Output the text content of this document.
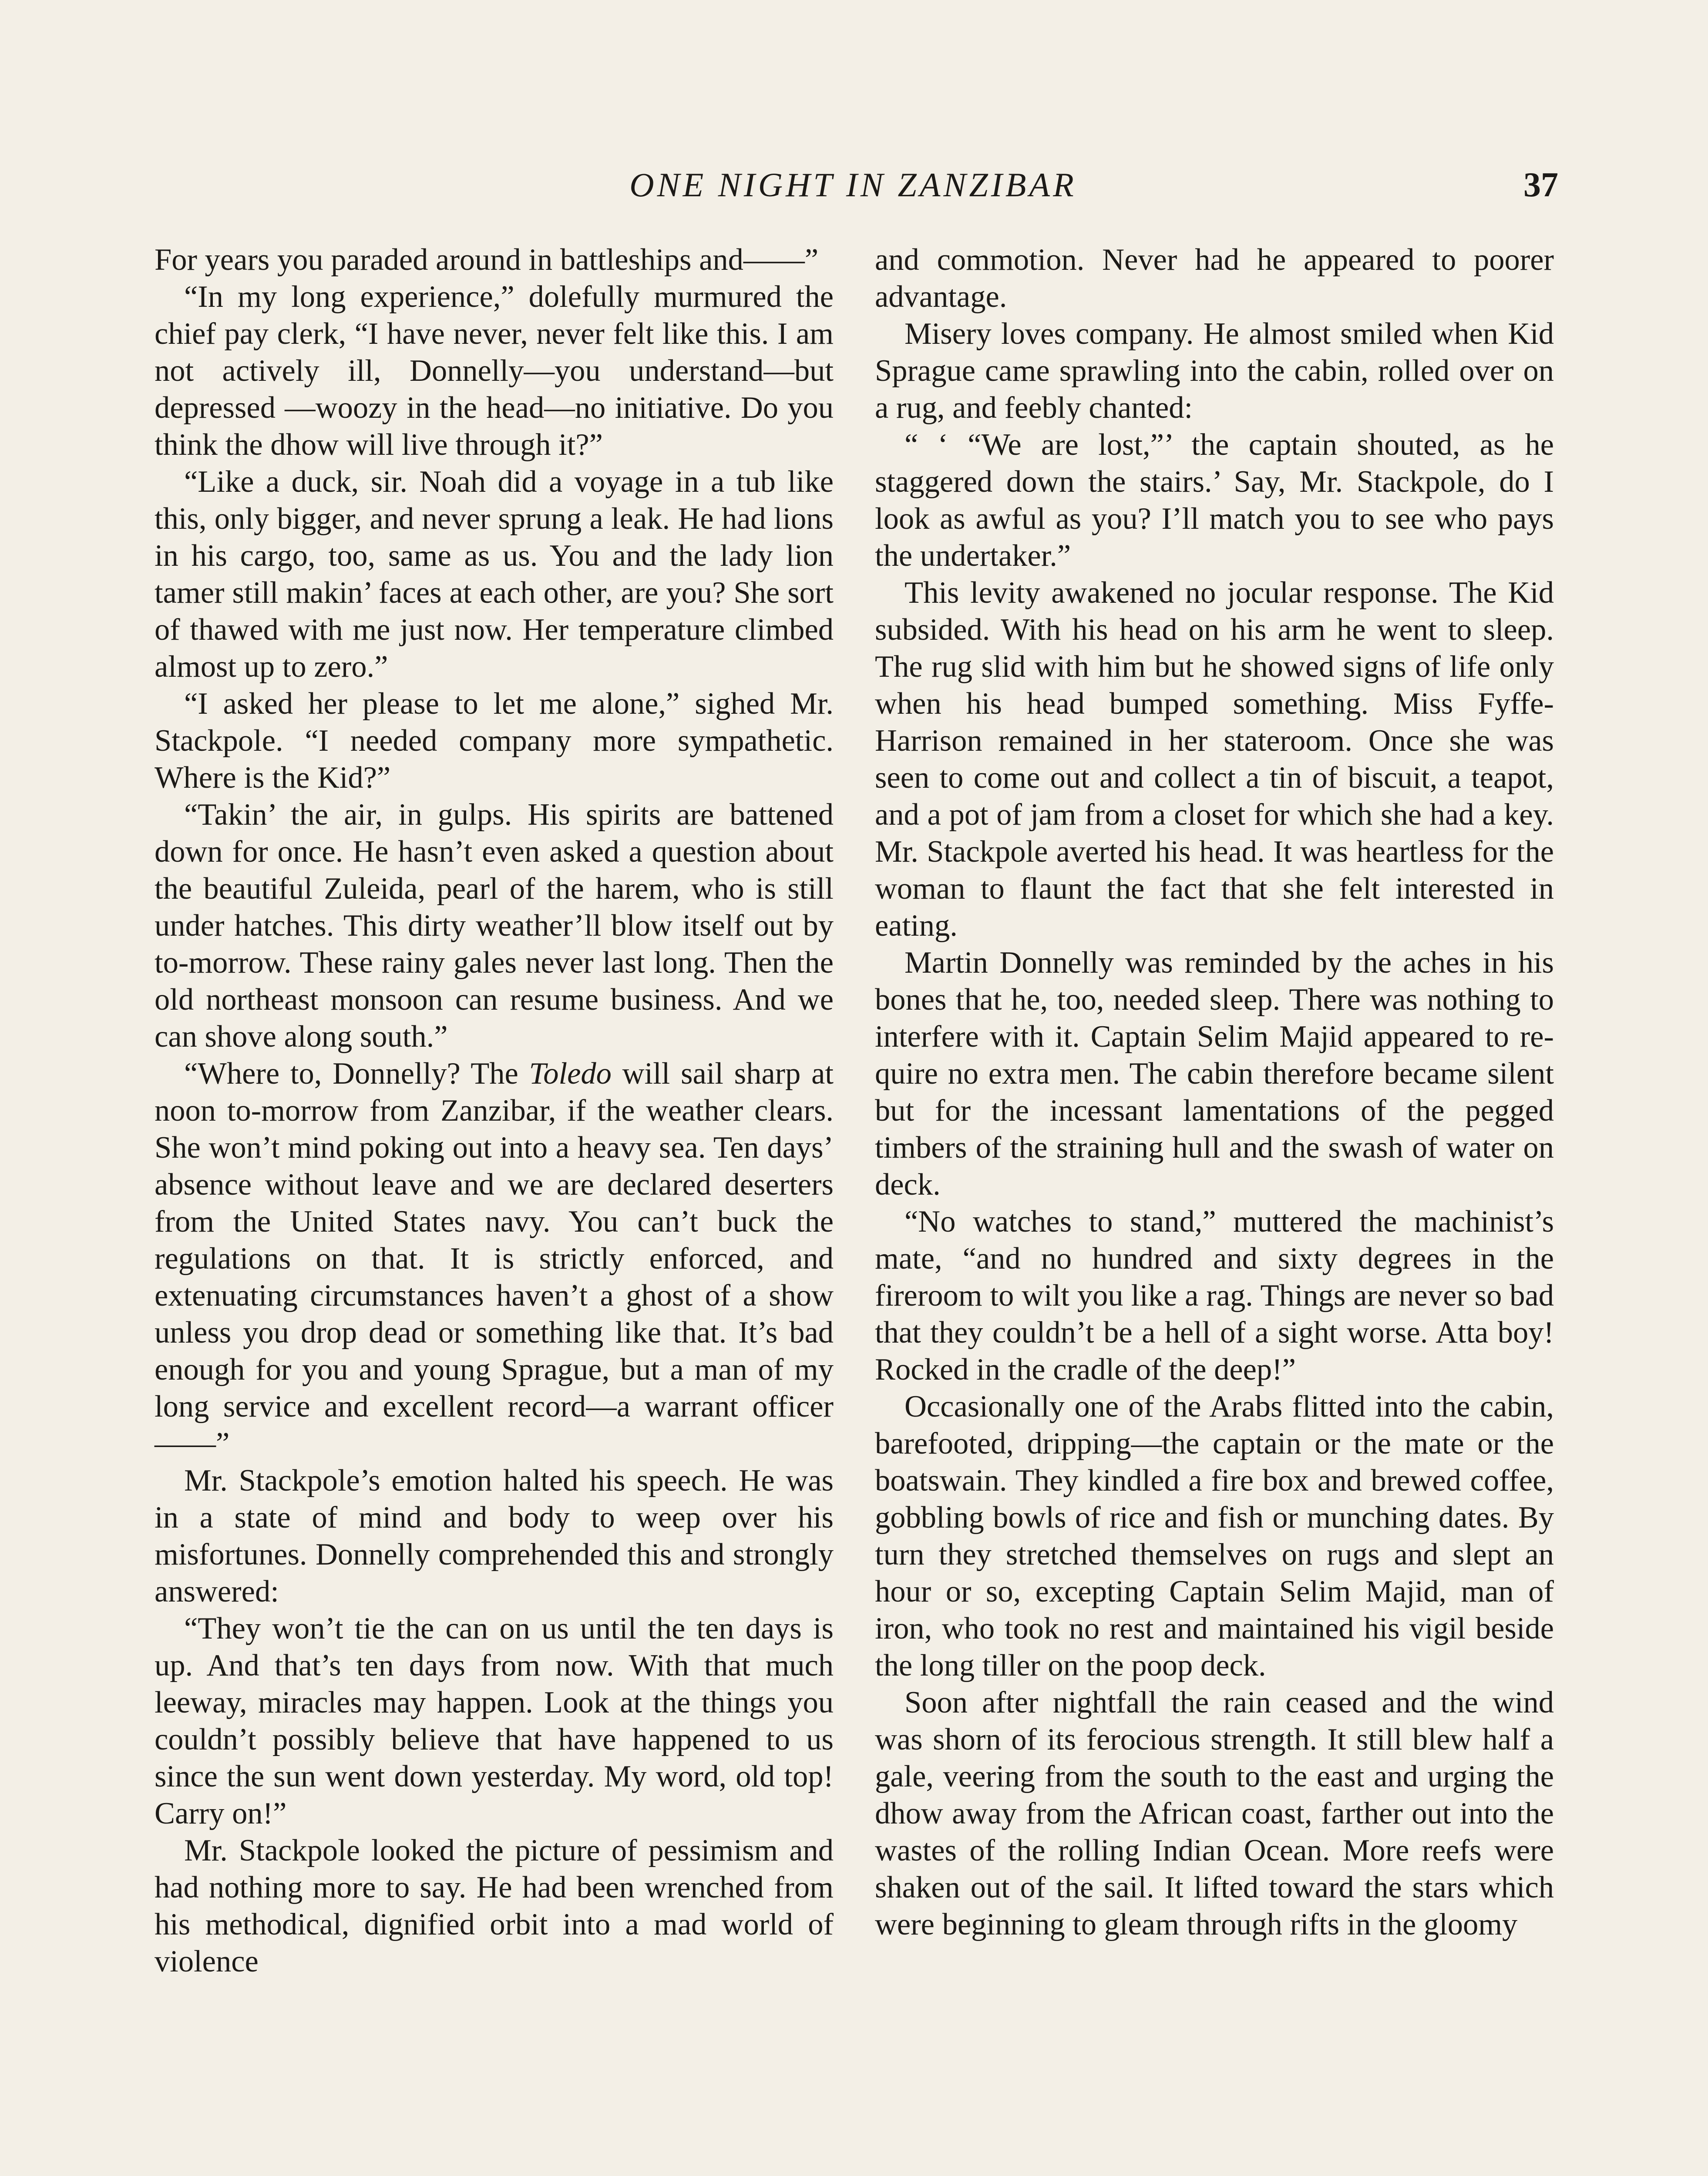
ONE NIGHT IN ZANZIBAR	37

For years you paraded around in battleships and——”

“In my long experience,” dolefully murmured the chief pay clerk, “I have never, never felt like this. I am not actively ill, Donnelly—you understand—but depressed —woozy in the head—no initiative. Do you think the dhow will live through it?”

“Like a duck, sir. Noah did a voyage in a tub like this, only bigger, and never sprung a leak. He had lions in his cargo, too, same as us. You and the lady lion tamer still makin’ faces at each other, are you? She sort of thawed with me just now. Her temperature climbed almost up to zero.”

“I asked her please to let me alone,” sighed Mr. Stackpole. “I needed company more sympathetic. Where is the Kid?”

“Takin’ the air, in gulps. His spirits are battened down for once. He hasn’t even asked a question about the beautiful Zuleida, pearl of the harem, who is still under hatches. This dirty weather’ll blow itself out by to-morrow. These rainy gales never last long. Then the old northeast monsoon can resume business. And we can shove along south.”

“Where to, Donnelly? The Toledo will sail sharp at noon to-morrow from Zanzibar, if the weather clears. She won’t mind poking out into a heavy sea. Ten days’ absence without leave and we are declared deserters from the United States navy. You can’t buck the regulations on that. It is strictly enforced, and extenuating circumstances haven’t a ghost of a show unless you drop dead or something like that. It’s bad enough for you and young Sprague, but a man of my long service and excellent record—a warrant officer——”

Mr. Stackpole’s emotion halted his speech. He was in a state of mind and body to weep over his misfortunes. Donnelly comprehended this and strongly answered:

“They won’t tie the can on us until the ten days is up. And that’s ten days from now. With that much leeway, miracles may happen. Look at the things you couldn’t possibly believe that have happened to us since the sun went down yesterday. My word, old top! Carry on!”

Mr. Stackpole looked the picture of pessimism and had nothing more to say. He had been wrenched from his methodical, dignified orbit into a mad world of violence

and commotion. Never had he appeared to poorer advantage.

Misery loves company. He almost smiled when Kid Sprague came sprawling into the cabin, rolled over on a rug, and feebly chanted:

“ ‘ “We are lost,”’ the captain shouted, as he staggered down the stairs.’ Say, Mr. Stackpole, do I look as awful as you? I’ll match you to see who pays the undertaker.”

This levity awakened no jocular response. The Kid subsided. With his head on his arm he went to sleep. The rug slid with him but he showed signs of life only when his head bumped something. Miss Fyffe-Harrison remained in her stateroom. Once she was seen to come out and collect a tin of biscuit, a teapot, and a pot of jam from a closet for which she had a key. Mr. Stackpole averted his head. It was heartless for the woman to flaunt the fact that she felt interested in eating.

Martin Donnelly was reminded by the aches in his bones that he, too, needed sleep. There was nothing to interfere with it. Captain Selim Majid appeared to require no extra men. The cabin therefore became silent but for the incessant lamentations of the pegged timbers of the straining hull and the swash of water on deck.

“No watches to stand,” muttered the machinist’s mate, “and no hundred and sixty degrees in the fireroom to wilt you like a rag. Things are never so bad that they couldn’t be a hell of a sight worse. Atta boy! Rocked in the cradle of the deep!”

Occasionally one of the Arabs flitted into the cabin, barefooted, dripping—the captain or the mate or the boatswain. They kindled a fire box and brewed coffee, gobbling bowls of rice and fish or munching dates. By turn they stretched themselves on rugs and slept an hour or so, excepting Captain Selim Majid, man of iron, who took no rest and maintained his vigil beside the long tiller on the poop deck.

Soon after nightfall the rain ceased and the wind was shorn of its ferocious strength. It still blew half a gale, veering from the south to the east and urging the dhow away from the African coast, farther out into the wastes of the rolling Indian Ocean. More reefs were shaken out of the sail. It lifted toward the stars which were beginning to gleam through rifts in the gloomy
